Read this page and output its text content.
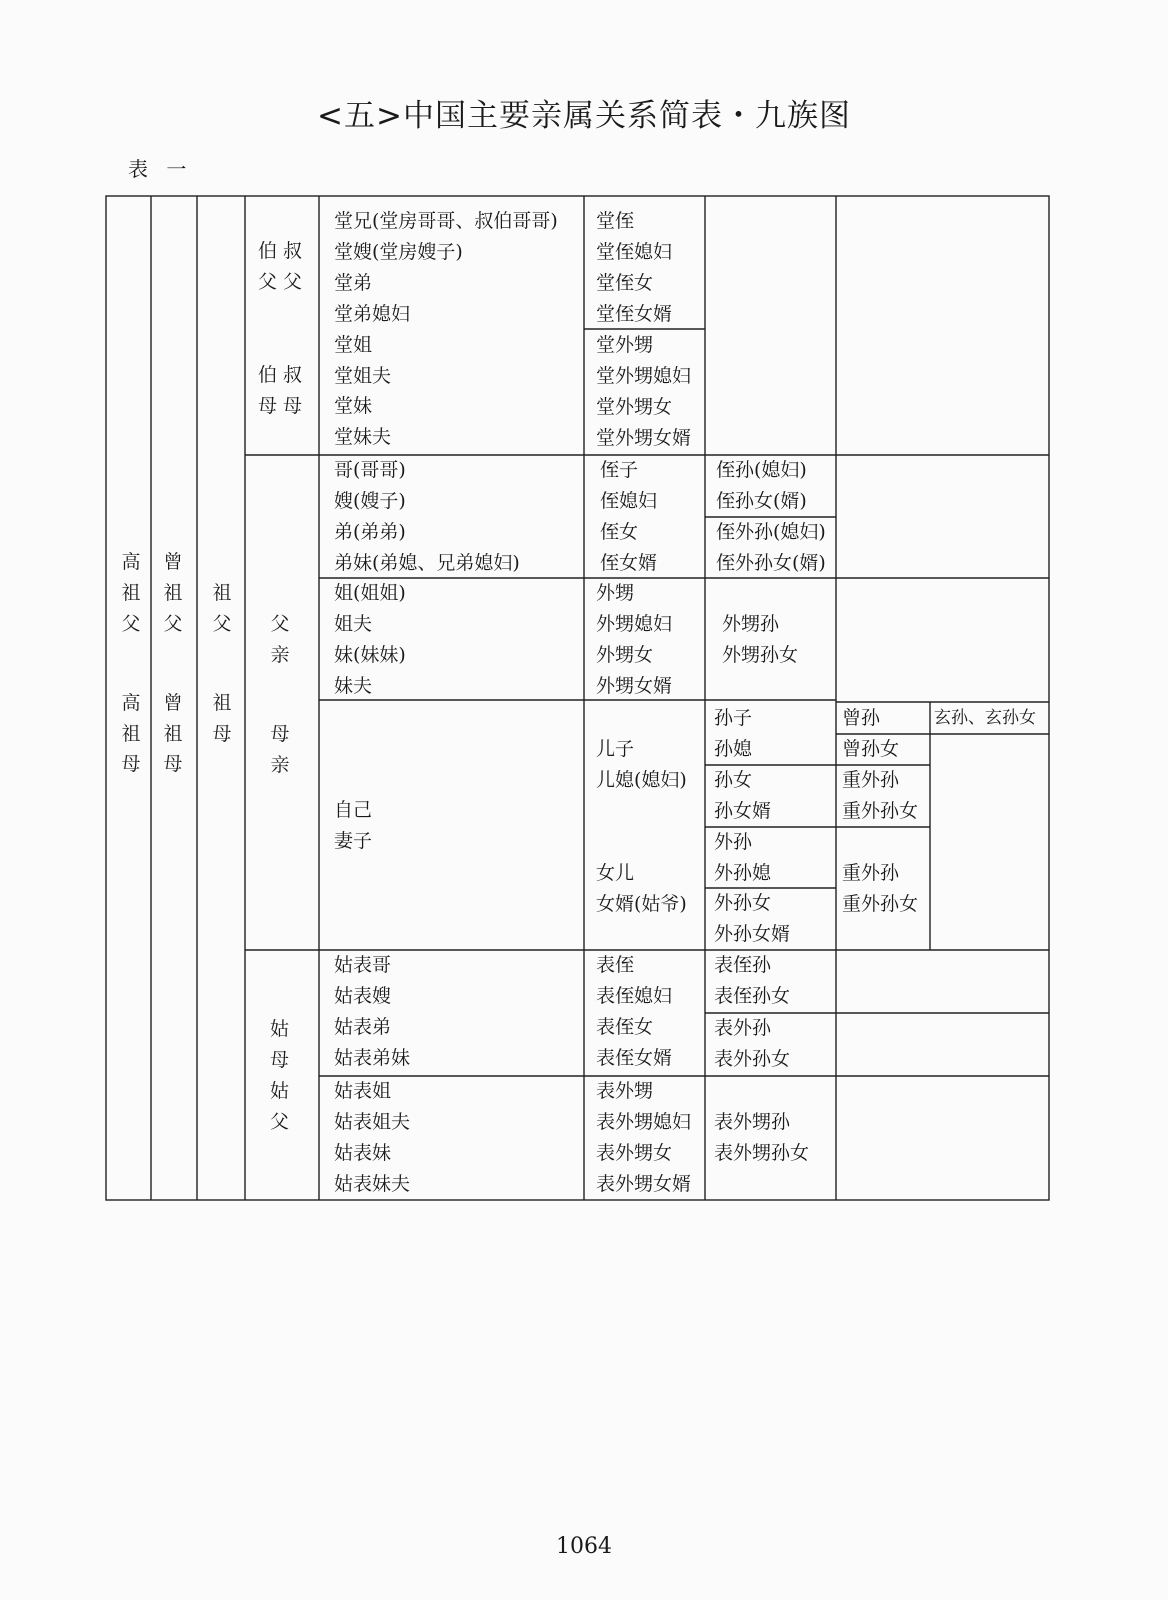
<五>中国主要亲属关系简表・九族图
表 一
高
祖
父
高
祖
母
曾
祖
父
曾
祖
母
祖
父
祖
母
父
亲
母
亲
伯 叔
父 父
伯 叔
母 母
姑
母
姑
父
堂兄(堂房哥哥、叔伯哥哥)
堂嫂(堂房嫂子)
堂弟
堂弟媳妇
堂姐
堂姐夫
堂妹
堂妹夫
堂侄
堂侄媳妇
堂侄女
堂侄女婿
堂外甥
堂外甥媳妇
堂外甥女
堂外甥女婿
哥(哥哥)
嫂(嫂子)
弟(弟弟)
弟妹(弟媳、兄弟媳妇)
侄子
侄媳妇
侄女
侄女婿
侄孙(媳妇)
侄孙女(婿)
侄外孙(媳妇)
侄外孙女(婿)
姐(姐姐)
姐夫
妹(妹妹)
妹夫
外甥
外甥媳妇
外甥女
外甥女婿
外甥孙
外甥孙女
自己
妻子
儿子
儿媳(媳妇)
女儿
女婿(姑爷)
孙子
孙媳
孙女
孙女婿
外孙
外孙媳
外孙女
外孙女婿
曾孙
曾孙女
玄孙、玄孙女
重外孙
重外孙女
重外孙
重外孙女
姑表哥
姑表嫂
姑表弟
姑表弟妹
表侄
表侄媳妇
表侄女
表侄女婿
表侄孙
表侄孙女
表外孙
表外孙女
姑表姐
姑表姐夫
姑表妹
姑表妹夫
表外甥
表外甥媳妇
表外甥女
表外甥女婿
表外甥孙
表外甥孙女
1064
